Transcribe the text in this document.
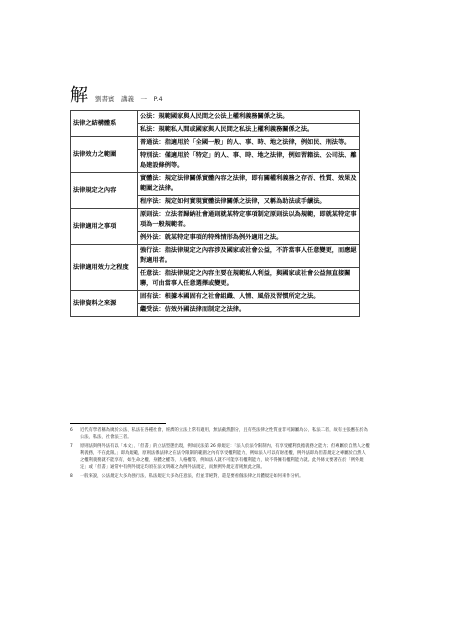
解 劉書賓　講義　一　P.4
法律之結構體系	公法：規範國家與人民間之公法上權利義務關係之法。
	私法：規範私人間或國家與人民間之私法上權利義務關係之法。
法律效力之範圍	普通法：指適用於「全國一般」的人、事、時、地之法律，例如民、刑法等。
	特別法：僅適用於「特定」的人、事、時、地之法律，例如習籍法、公司法、離島建設條例等。
法律規定之內容	實體法：規定法律關係實體內容之法律，即有關權利義務之存否、性質、效果及範圍之法律。
	程序法：規定如何實現實體法律關係之法律，又稱為助法或手續法。
法律適用之事項	原則法：立法者歸納社會通則就某特定事項制定原則法以為規範，即就某特定事項為一般規範者。
	例外法：就某特定事項的特殊情形為例外適用之法。
法律適用效力之程度	強行法：指法律規定之內容涉及國家或社會公益，不許當事人任意變更，而應絕對適用者。
	任意法：指法律規定之內容主要在規範私人利益，與國家或社會公益無直接關聯，可由當事人任意選擇或變更。
法律資料之來源	固有法：根據本國固有之社會組織、人情、風俗及習慣所定之法。
	繼受法：仿效外國法律而制定之法律。
6	近代有學者稱為廣於公法、私法在各種社會，經濟的立法上常有適用，無法截然劃分，且有些法律之性質並非可歸屬為公、私法二者，故有主張應在於為公法、私法、社會法三者。
7	原則法與例外法有以「本文」、「但書」的立法型態出現，例如民法第 26 條規定：「法人於法令限制內，有享受權利負擔義務之能力；但專屬於自然人之權利義務，不在此限。」即為規範，原則法係法律之在法令限制的範圍之內有享受權利能力，例如法人可以有財產權，例外法即為但書規定之專屬於自然人之權利義務就不能享有，如生命之權、身體之權等，人格權等，例如法人就不可能享有權利能力，故不得擁有權利能力就。此外條文要著在於「例外規定」或「但書」通常中有例外規定均須在法文明確之為例外法規定，而無例外規定者則無此之限。
8	一般來說，公法規定大多為強行法，私法規定大多為任意法，但並非絕對，還是要看個法律之具體規定如何來作分析。
